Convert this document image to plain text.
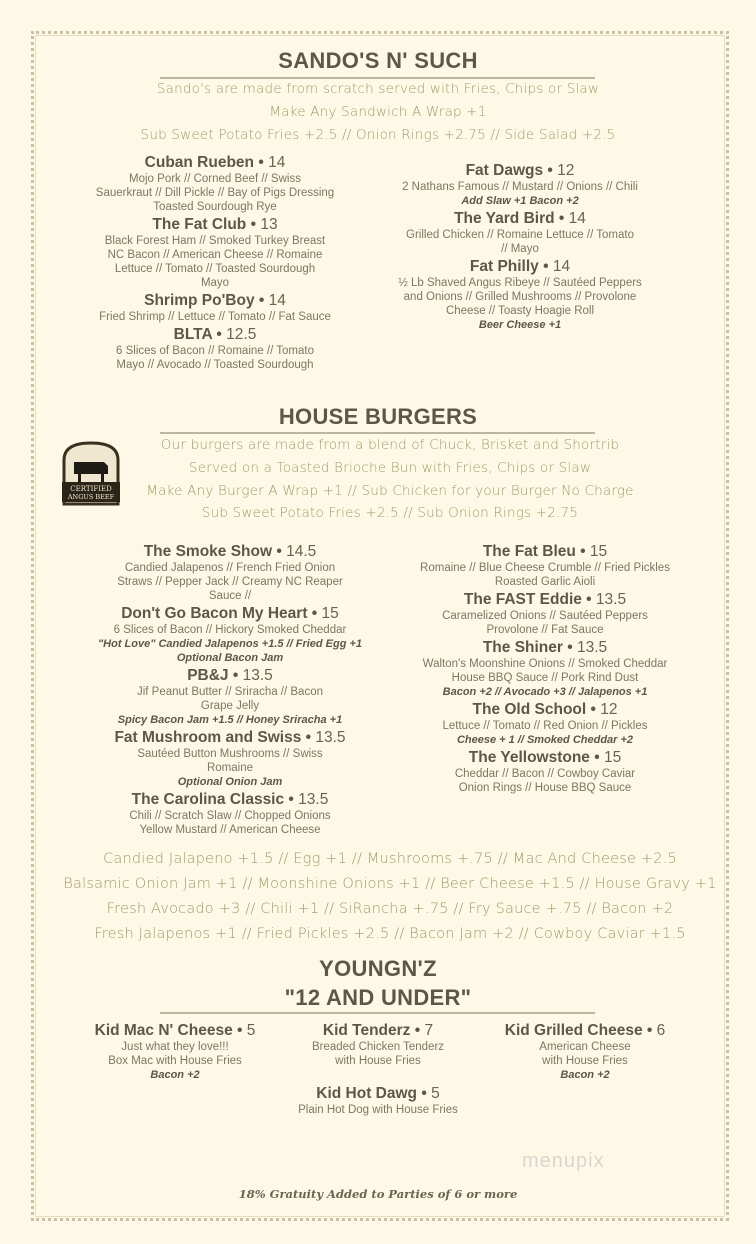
SANDO'S N' SUCH
Sando's are made from scratch served with Fries, Chips or Slaw
Make Any Sandwich A Wrap +1
Sub Sweet Potato Fries +2.5 // Onion Rings +2.75 // Side Salad +2.5
Cuban Rueben • 14
Mojo Pork // Corned Beef // Swiss
Sauerkraut // Dill Pickle // Bay of Pigs Dressing
Toasted Sourdough Rye
The Fat Club • 13
Black Forest Ham // Smoked Turkey Breast
NC Bacon // American Cheese // Romaine
Lettuce // Tomato // Toasted Sourdough
Mayo
Shrimp Po'Boy • 14
Fried Shrimp // Lettuce // Tomato // Fat Sauce
BLTA • 12.5
6 Slices of Bacon // Romaine // Tomato
Mayo // Avocado // Toasted Sourdough
Fat Dawgs • 12
2 Nathans Famous // Mustard // Onions // Chili
Add Slaw +1 Bacon +2
The Yard Bird • 14
Grilled Chicken // Romaine Lettuce // Tomato
// Mayo
Fat Philly • 14
½ Lb Shaved Angus Ribeye // Sautéed Peppers
and Onions // Grilled Mushrooms // Provolone
Cheese // Toasty Hoagie Roll
Beer Cheese +1
HOUSE BURGERS
CERTIFIED
ANGUS BEEF
Our burgers are made from a blend of Chuck, Brisket and Shortrib
Served on a Toasted Brioche Bun with Fries, Chips or Slaw
Make Any Burger A Wrap +1 // Sub Chicken for your Burger No Charge
Sub Sweet Potato Fries +2.5 // Sub Onion Rings +2.75
The Smoke Show • 14.5
Candied Jalapenos // French Fried Onion
Straws // Pepper Jack // Creamy NC Reaper
Sauce //
Don't Go Bacon My Heart • 15
6 Slices of Bacon // Hickory Smoked Cheddar
"Hot Love" Candied Jalapenos +1.5 // Fried Egg +1
Optional Bacon Jam
PB&J • 13.5
Jif Peanut Butter // Sriracha // Bacon
Grape Jelly
Spicy Bacon Jam +1.5 // Honey Sriracha +1
Fat Mushroom and Swiss • 13.5
Sautéed Button Mushrooms // Swiss
Romaine
Optional Onion Jam
The Carolina Classic • 13.5
Chili // Scratch Slaw // Chopped Onions
Yellow Mustard // American Cheese
The Fat Bleu • 15
Romaine // Blue Cheese Crumble // Fried Pickles
Roasted Garlic Aioli
The FAST Eddie • 13.5
Caramelized Onions // Sautéed Peppers
Provolone // Fat Sauce
The Shiner • 13.5
Walton's Moonshine Onions // Smoked Cheddar
House BBQ Sauce // Pork Rind Dust
Bacon +2 // Avocado +3 // Jalapenos +1
The Old School • 12
Lettuce // Tomato // Red Onion // Pickles
Cheese + 1 // Smoked Cheddar +2
The Yellowstone • 15
Cheddar // Bacon // Cowboy Caviar
Onion Rings // House BBQ Sauce
Candied Jalapeno +1.5 // Egg +1 // Mushrooms +.75 // Mac And Cheese +2.5
Balsamic Onion Jam +1 // Moonshine Onions +1 // Beer Cheese +1.5 // House Gravy +1
Fresh Avocado +3 // Chili +1 // SiRancha +.75 // Fry Sauce +.75 // Bacon +2
Fresh Jalapenos +1 // Fried Pickles +2.5 // Bacon Jam +2 // Cowboy Caviar +1.5
YOUNGN'Z
"12 AND UNDER"
Kid Mac N' Cheese • 5
Just what they love!!!
Box Mac with House Fries
Bacon +2
Kid Tenderz • 7
Breaded Chicken Tenderz
with House Fries
Kid Grilled Cheese • 6
American Cheese
with House Fries
Bacon +2
Kid Hot Dawg • 5
Plain Hot Dog with House Fries
menupix
18% Gratuity Added to Parties of 6 or more
